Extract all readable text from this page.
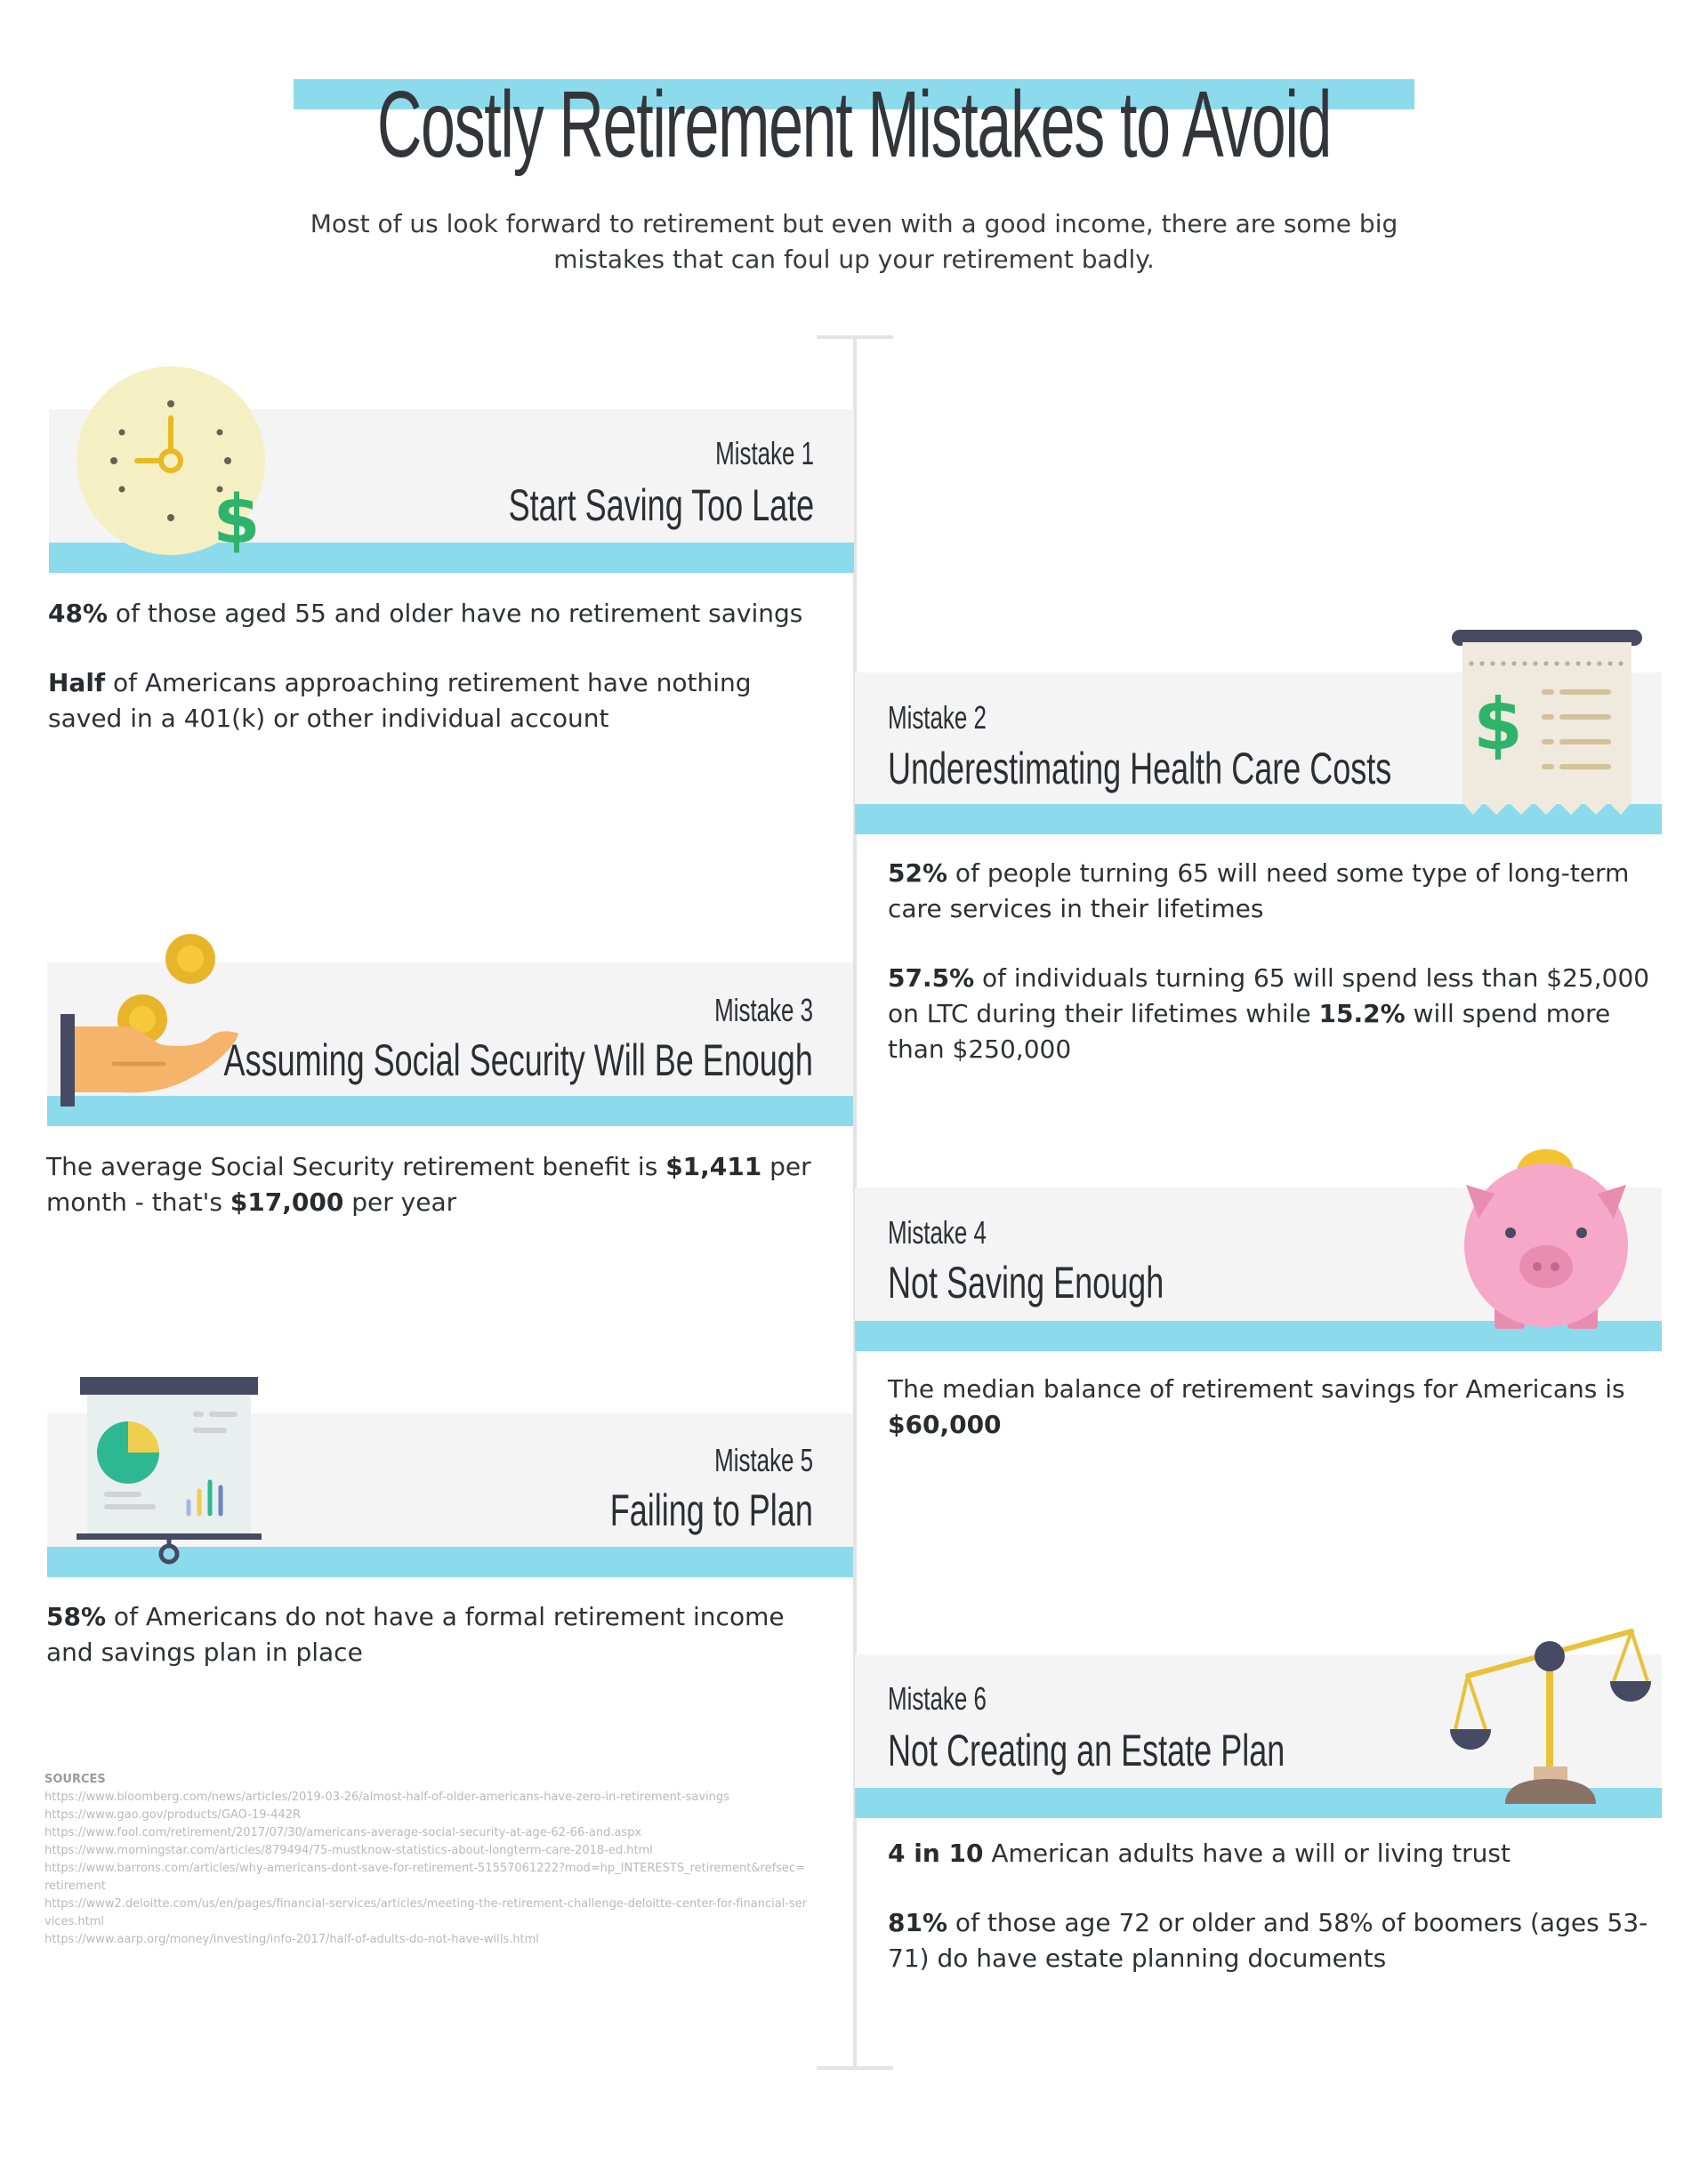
Costly Retirement Mistakes to Avoid
Most of us look forward to retirement but even with a good income, there are some big mistakes that can foul up your retirement badly.
$
Mistake 1
Start Saving Too Late
48% of those aged 55 and older have no retirement savings
Half of Americans approaching retirement have nothing saved in a 401(k) or other individual account	$
Mistake 2
Underestimating Health Care Costs
52% of people turning 65 will need some type of long-term care services in their lifetimes
57.5% of individuals turning 65 will spend less than $25,000 on LTC during their lifetimes while 15.2% will spend more than $250,000
Mistake 3
Assuming Social Security Will Be Enough
The average Social Security retirement benefit is $1,411 per month - that's $17,000 per year
Mistake 4
Not Saving Enough
The median balance of retirement savings for Americans is $60,000
Mistake 5
Failing to Plan
58% of Americans do not have a formal retirement income and savings plan in place
Mistake 6
Not Creating an Estate Plan
4 in 10 American adults have a will or living trust
81% of those age 72 or older and 58% of boomers (ages 53-71) do have estate planning documents
SOURCES
https://www.bloomberg.com/news/articles/2019-03-26/almost-half-of-older-americans-have-zero-in-retirement-savings
https://www.gao.gov/products/GAO-19-442R
https://www.fool.com/retirement/2017/07/30/americans-average-social-security-at-age-62-66-and.aspx
https://www.morningstar.com/articles/879494/75-mustknow-statistics-about-longterm-care-2018-ed.html
https://www.barrons.com/articles/why-americans-dont-save-for-retirement-51557061222?mod=hp_INTERESTS_retirement&refsec=retirement
https://www2.deloitte.com/us/en/pages/financial-services/articles/meeting-the-retirement-challenge-deloitte-center-for-financial-services.html
https://www.aarp.org/money/investing/info-2017/half-of-adults-do-not-have-wills.html
